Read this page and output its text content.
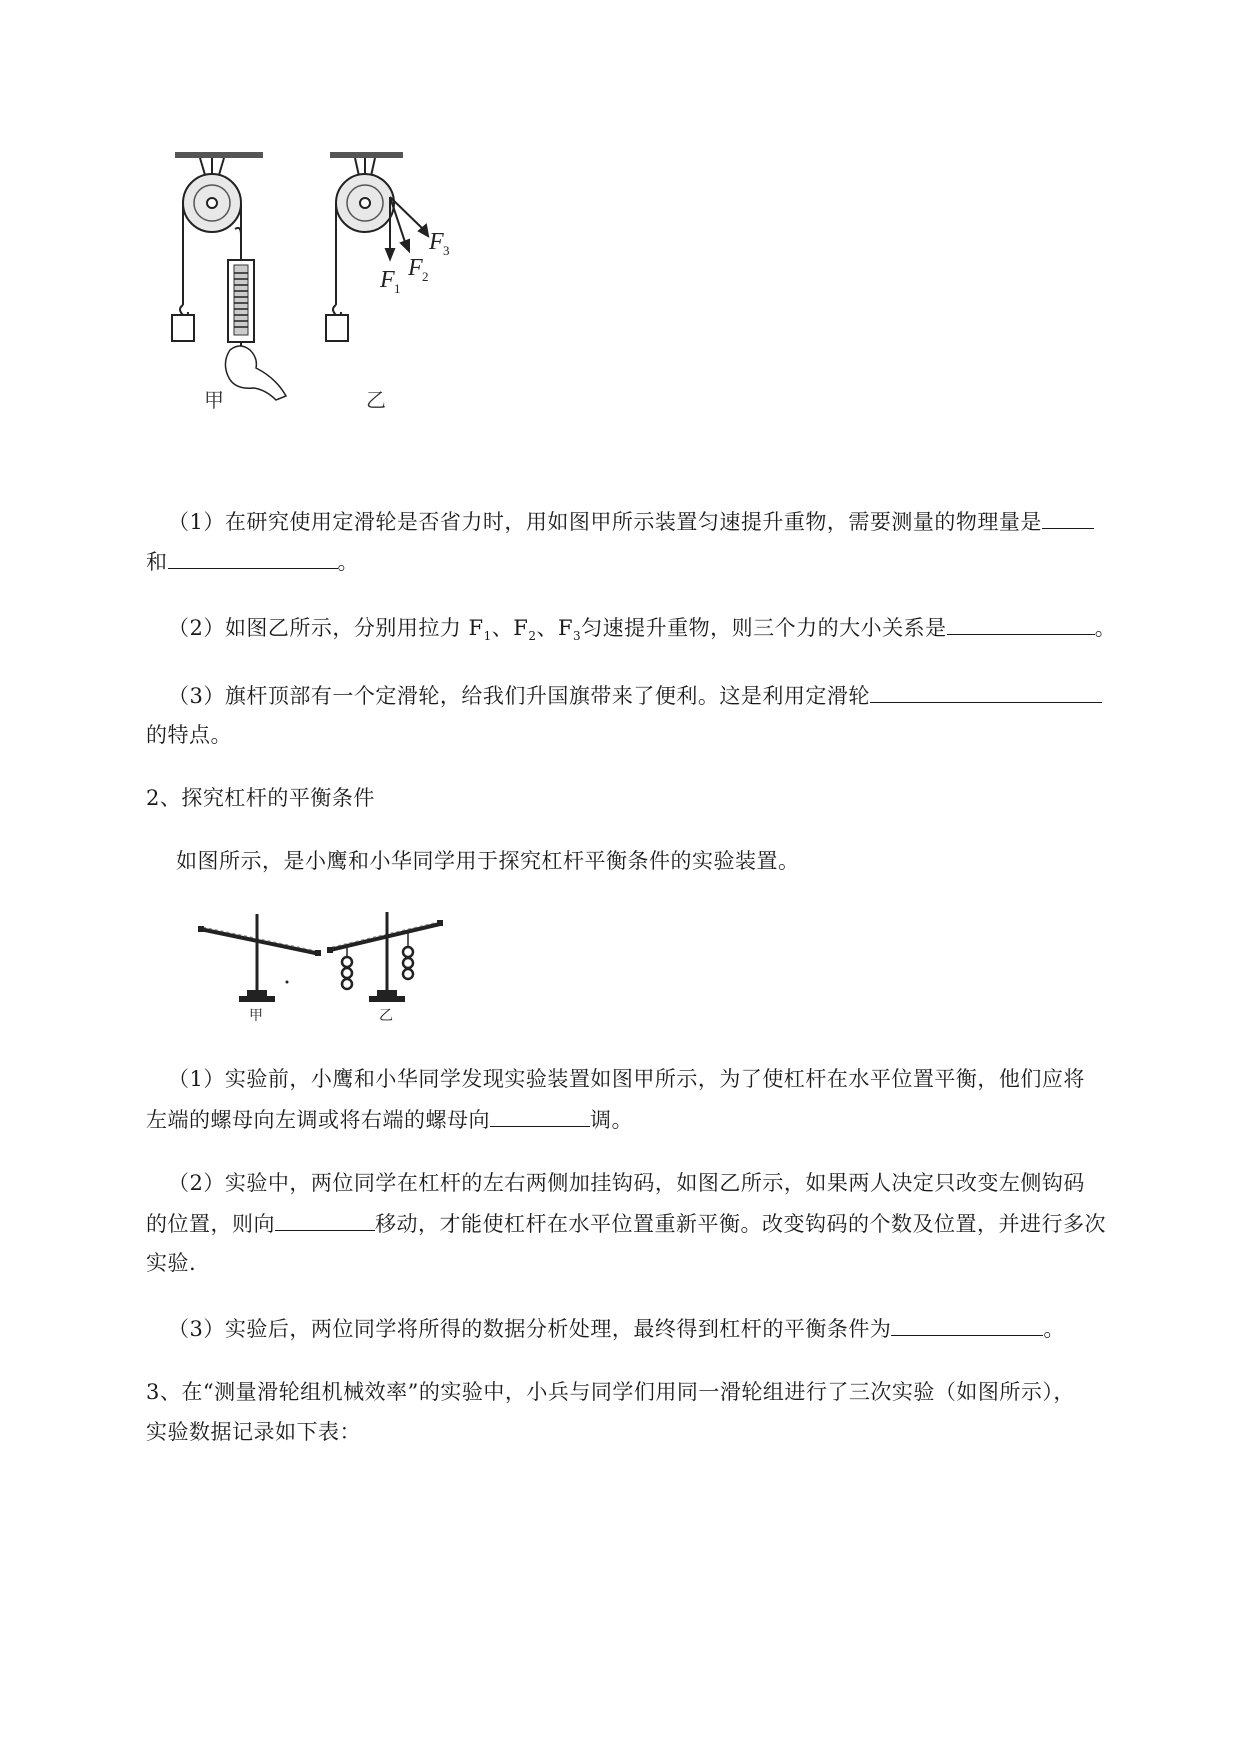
F 1
F 2
F 3
甲	乙
（1）在研究使用定滑轮是否省力时，用如图甲所示装置匀速提升重物，需要测量的物理量是
和	。
（2）如图乙所示，分别用拉力 $F_1$、$F_2$、$F_3$匀速提升重物，则三个力的大小关系是	。
（3）旗杆顶部有一个定滑轮，给我们升国旗带来了便利。这是利用定滑轮
的特点。
2、探究杠杆的平衡条件
如图所示，是小鹰和小华同学用于探究杠杆平衡条件的实验装置。
甲	乙
（1）实验前，小鹰和小华同学发现实验装置如图甲所示，为了使杠杆在水平位置平衡，他们应将
左端的螺母向左调或将右端的螺母向	调。
（2）实验中，两位同学在杠杆的左右两侧加挂钩码，如图乙所示，如果两人决定只改变左侧钩码
的位置，则向	移动，才能使杠杆在水平位置重新平衡。改变钩码的个数及位置，并进行多次
实验.
（3）实验后，两位同学将所得的数据分析处理，最终得到杠杆的平衡条件为	。
3、在“测量滑轮组机械效率”的实验中，小兵与同学们用同一滑轮组进行了三次实验（如图所示），
实验数据记录如下表：
